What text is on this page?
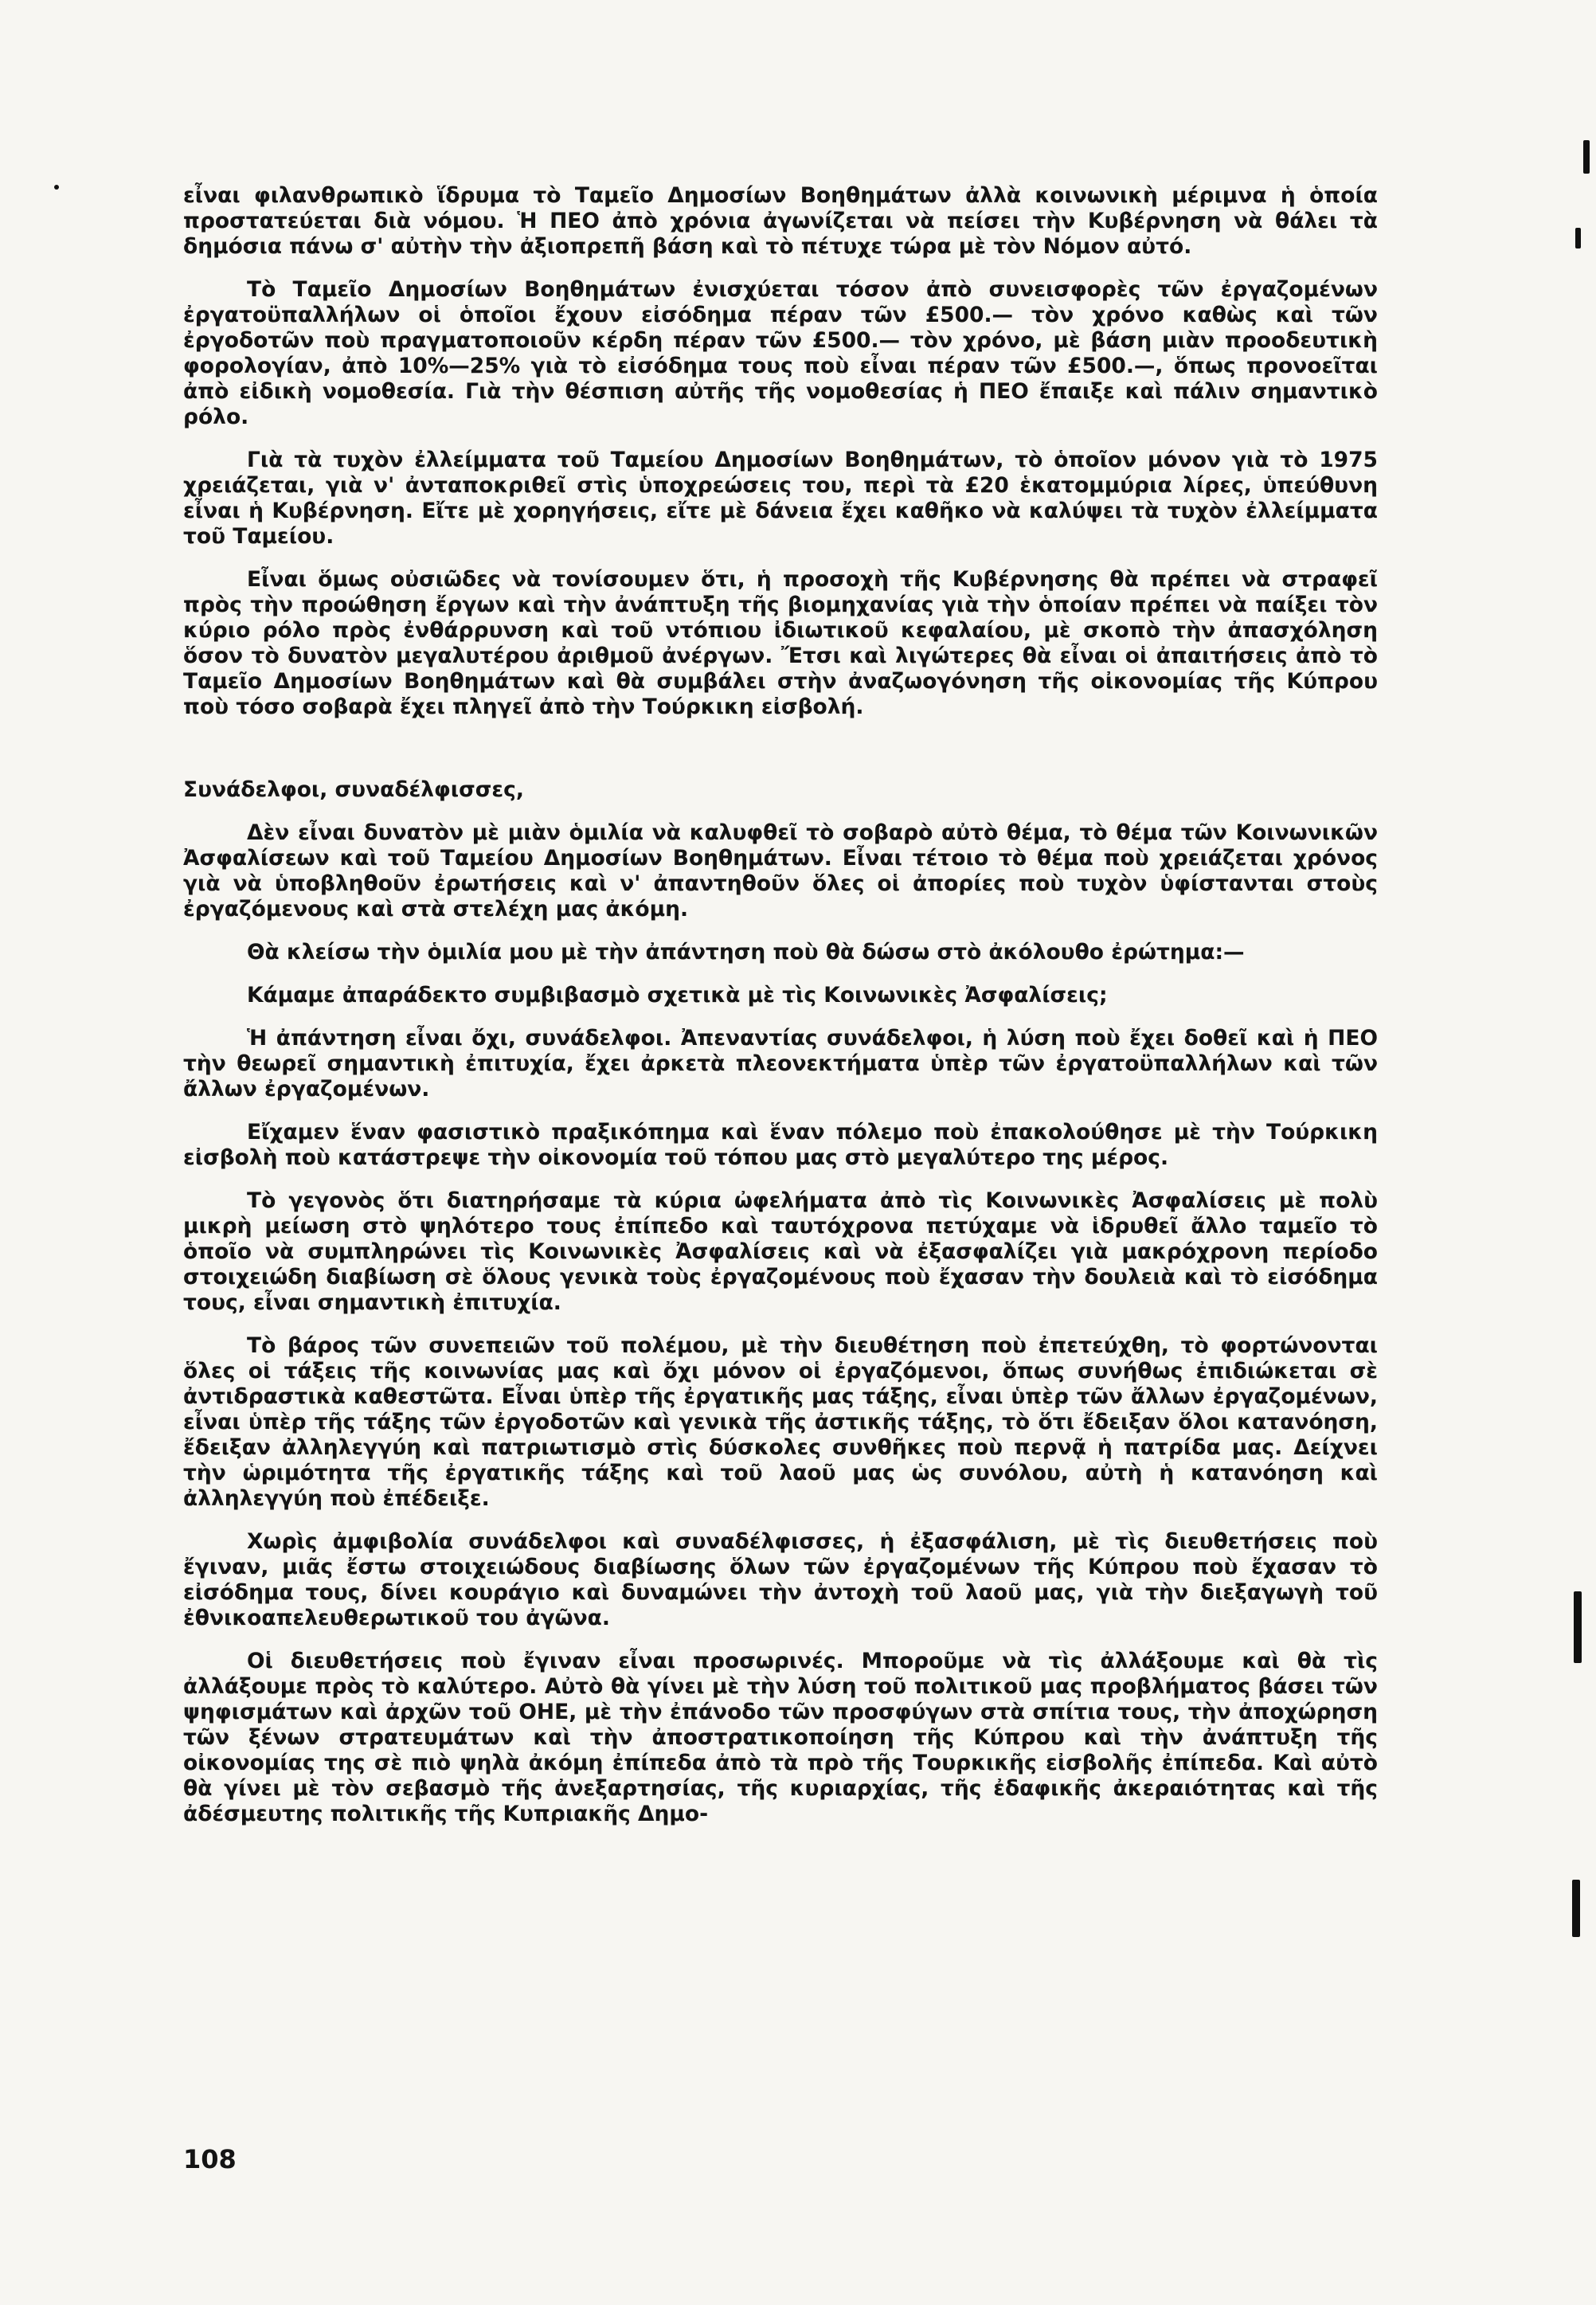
εἶναι φιλανθρωπικὸ ἵδρυμα τὸ Ταμεῖο Δημοσίων Βοηθημάτων ἀλλὰ κοινωνικὴ μέριμνα ἡ ὁποία προστατεύεται διὰ νόμου. Ἡ ΠΕΟ ἀπὸ χρόνια ἀγωνίζεται νὰ πείσει τὴν Κυβέρνηση νὰ θάλει τὰ δημόσια πάνω σ' αὐτὴν τὴν ἀξιοπρεπῆ βάση καὶ τὸ πέτυχε τώρα μὲ τὸν Νόμον αὐτό.

Τὸ Ταμεῖο Δημοσίων Βοηθημάτων ἐνισχύεται τόσον ἀπὸ συνεισφορὲς τῶν ἐργαζομένων ἐργατοϋπαλλήλων οἱ ὁποῖοι ἔχουν εἰσόδημα πέραν τῶν £500.— τὸν χρόνο καθὼς καὶ τῶν ἐργοδοτῶν ποὺ πραγματοποιοῦν κέρδη πέραν τῶν £500.— τὸν χρόνο, μὲ βάση μιὰν προοδευτικὴ φορολογίαν, ἀπὸ 10%—25% γιὰ τὸ εἰσόδημα τους ποὺ εἶναι πέραν τῶν £500.—, ὅπως προνοεῖται ἀπὸ εἰδικὴ νομοθεσία. Γιὰ τὴν θέσπιση αὐτῆς τῆς νομοθεσίας ἡ ΠΕΟ ἔπαιξε καὶ πάλιν σημαντικὸ ρόλο.

Γιὰ τὰ τυχὸν ἐλλείμματα τοῦ Ταμείου Δημοσίων Βοηθημάτων, τὸ ὁποῖον μόνον γιὰ τὸ 1975 χρειάζεται, γιὰ ν' ἀνταποκριθεῖ στὶς ὑποχρεώσεις του, περὶ τὰ £20 ἑκατομμύρια λίρες, ὑπεύθυνη εἶναι ἡ Κυβέρνηση. Εἴτε μὲ χορηγήσεις, εἴτε μὲ δάνεια ἔχει καθῆκο νὰ καλύψει τὰ τυχὸν ἐλλείμματα τοῦ Ταμείου.

Εἶναι ὅμως οὐσιῶδες νὰ τονίσουμεν ὅτι, ἡ προσοχὴ τῆς Κυβέρνησης θὰ πρέπει νὰ στραφεῖ πρὸς τὴν προώθηση ἔργων καὶ τὴν ἀνάπτυξη τῆς βιομηχανίας γιὰ τὴν ὁποίαν πρέπει νὰ παίξει τὸν κύριο ρόλο πρὸς ἐνθάρρυνση καὶ τοῦ ντόπιου ἰδιωτικοῦ κεφαλαίου, μὲ σκοπὸ τὴν ἀπασχόληση ὅσον τὸ δυνατὸν μεγαλυτέρου ἀριθμοῦ ἀνέργων. Ἔτσι καὶ λιγώτερες θὰ εἶναι οἱ ἀπαιτήσεις ἀπὸ τὸ Ταμεῖο Δημοσίων Βοηθημάτων καὶ θὰ συμβάλει στὴν ἀναζωογόνηση τῆς οἰκονομίας τῆς Κύπρου ποὺ τόσο σοβαρὰ ἔχει πληγεῖ ἀπὸ τὴν Τούρκικη εἰσβολή.

Συνάδελφοι, συναδέλφισσες,

Δὲν εἶναι δυνατὸν μὲ μιὰν ὁμιλία νὰ καλυφθεῖ τὸ σοβαρὸ αὐτὸ θέμα, τὸ θέμα τῶν Κοινωνικῶν Ἀσφαλίσεων καὶ τοῦ Ταμείου Δημοσίων Βοηθημάτων. Εἶναι τέτοιο τὸ θέμα ποὺ χρειάζεται χρόνος γιὰ νὰ ὑποβληθοῦν ἐρωτήσεις καὶ ν' ἀπαντηθοῦν ὅλες οἱ ἀπορίες ποὺ τυχὸν ὑφίστανται στοὺς ἐργαζόμενους καὶ στὰ στελέχη μας ἀκόμη.

Θὰ κλείσω τὴν ὁμιλία μου μὲ τὴν ἀπάντηση ποὺ θὰ δώσω στὸ ἀκόλουθο ἐρώτημα:—

Κάμαμε ἀπαράδεκτο συμβιβασμὸ σχετικὰ μὲ τὶς Κοινωνικὲς Ἀσφαλίσεις;

Ἡ ἀπάντηση εἶναι ὄχι, συνάδελφοι. Ἀπεναντίας συνάδελφοι, ἡ λύση ποὺ ἔχει δοθεῖ καὶ ἡ ΠΕΟ τὴν θεωρεῖ σημαντικὴ ἐπιτυχία, ἔχει ἀρκετὰ πλεονεκτήματα ὑπὲρ τῶν ἐργατοϋπαλλήλων καὶ τῶν ἄλλων ἐργαζομένων.

Εἴχαμεν ἕναν φασιστικὸ πραξικόπημα καὶ ἕναν πόλεμο ποὺ ἐπακολούθησε μὲ τὴν Τούρκικη εἰσβολὴ ποὺ κατάστρεψε τὴν οἰκονομία τοῦ τόπου μας στὸ μεγαλύτερο της μέρος.

Τὸ γεγονὸς ὅτι διατηρήσαμε τὰ κύρια ὠφελήματα ἀπὸ τὶς Κοινωνικὲς Ἀσφαλίσεις μὲ πολὺ μικρὴ μείωση στὸ ψηλότερο τους ἐπίπεδο καὶ ταυτόχρονα πετύχαμε νὰ ἱδρυθεῖ ἄλλο ταμεῖο τὸ ὁποῖο νὰ συμπληρώνει τὶς Κοινωνικὲς Ἀσφαλίσεις καὶ νὰ ἐξασφαλίζει γιὰ μακρόχρονη περίοδο στοιχειώδη διαβίωση σὲ ὅλους γενικὰ τοὺς ἐργαζομένους ποὺ ἔχασαν τὴν δουλειὰ καὶ τὸ εἰσόδημα τους, εἶναι σημαντικὴ ἐπιτυχία.

Τὸ βάρος τῶν συνεπειῶν τοῦ πολέμου, μὲ τὴν διευθέτηση ποὺ ἐπετεύχθη, τὸ φορτώνονται ὅλες οἱ τάξεις τῆς κοινωνίας μας καὶ ὄχι μόνον οἱ ἐργαζόμενοι, ὅπως συνήθως ἐπιδιώκεται σὲ ἀντιδραστικὰ καθεστῶτα. Εἶναι ὑπὲρ τῆς ἐργατικῆς μας τάξης, εἶναι ὑπὲρ τῶν ἄλλων ἐργαζομένων, εἶναι ὑπὲρ τῆς τάξης τῶν ἐργοδοτῶν καὶ γενικὰ τῆς ἀστικῆς τάξης, τὸ ὅτι ἔδειξαν ὅλοι κατανόηση, ἔδειξαν ἀλληλεγγύη καὶ πατριωτισμὸ στὶς δύσκολες συνθῆκες ποὺ περνᾷ ἡ πατρίδα μας. Δείχνει τὴν ὡριμότητα τῆς ἐργατικῆς τάξης καὶ τοῦ λαοῦ μας ὡς συνόλου, αὐτὴ ἡ κατανόηση καὶ ἀλληλεγγύη ποὺ ἐπέδειξε.

Χωρὶς ἀμφιβολία συνάδελφοι καὶ συναδέλφισσες, ἡ ἐξασφάλιση, μὲ τὶς διευθετήσεις ποὺ ἔγιναν, μιᾶς ἔστω στοιχειώδους διαβίωσης ὅλων τῶν ἐργαζομένων τῆς Κύπρου ποὺ ἔχασαν τὸ εἰσόδημα τους, δίνει κουράγιο καὶ δυναμώνει τὴν ἀντοχὴ τοῦ λαοῦ μας, γιὰ τὴν διεξαγωγὴ τοῦ ἐθνικοαπελευθερωτικοῦ του ἀγῶνα.

Οἱ διευθετήσεις ποὺ ἔγιναν εἶναι προσωρινές. Μποροῦμε νὰ τὶς ἀλλάξουμε καὶ θὰ τὶς ἀλλάξουμε πρὸς τὸ καλύτερο. Αὐτὸ θὰ γίνει μὲ τὴν λύση τοῦ πολιτικοῦ μας προβλήματος βάσει τῶν ψηφισμάτων καὶ ἀρχῶν τοῦ ΟΗΕ, μὲ τὴν ἐπάνοδο τῶν προσφύγων στὰ σπίτια τους, τὴν ἀποχώρηση τῶν ξένων στρατευμάτων καὶ τὴν ἀποστρατικοποίηση τῆς Κύπρου καὶ τὴν ἀνάπτυξη τῆς οἰκονομίας της σὲ πιὸ ψηλὰ ἀκόμη ἐπίπεδα ἀπὸ τὰ πρὸ τῆς Τουρκικῆς εἰσβολῆς ἐπίπεδα. Καὶ αὐτὸ θὰ γίνει μὲ τὸν σεβασμὸ τῆς ἀνεξαρτησίας, τῆς κυριαρχίας, τῆς ἐδαφικῆς ἀκεραιότητας καὶ τῆς ἀδέσμευτης πολιτικῆς τῆς Κυπριακῆς Δημο-

108
